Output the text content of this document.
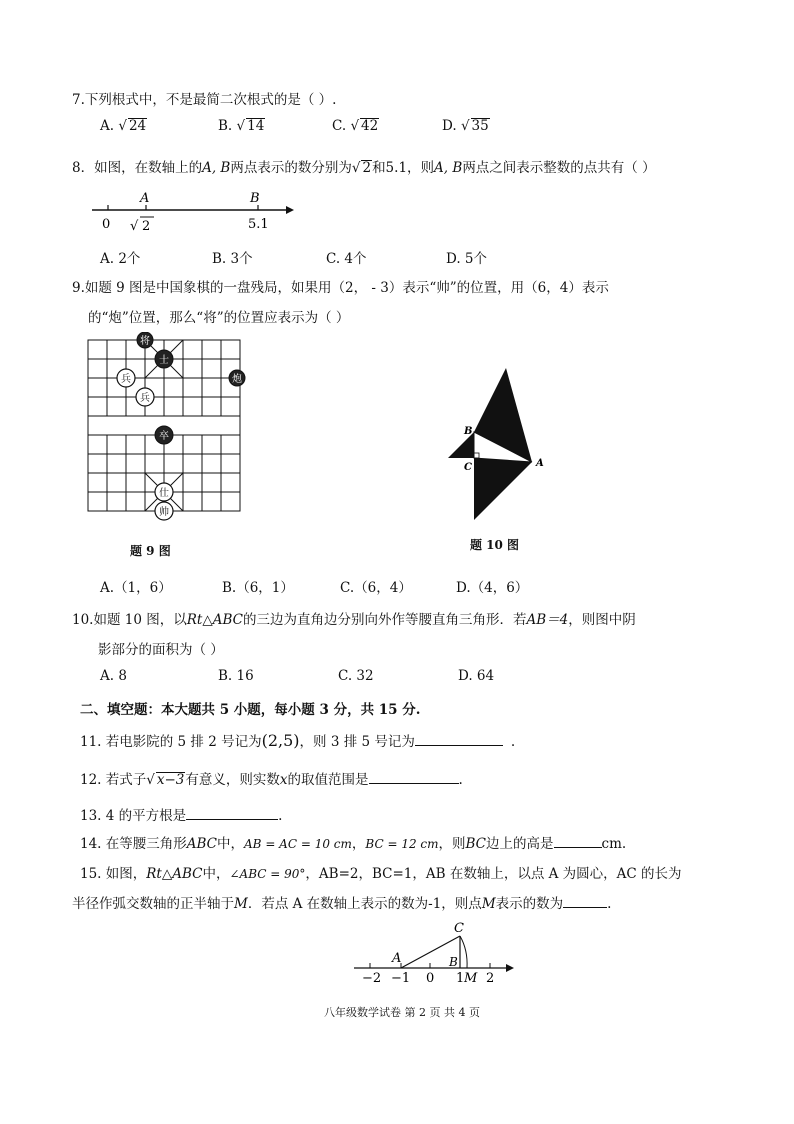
7.下列根式中，不是最简二次根式的是（ ）.
A. √ 24	B. √ 14	C. √ 42	D. √ 35
8．如图，在数轴上的A, B两点表示的数分别为√ 2和5.1，则A, B两点之间表示整数的点共有（ ）
0
A
√ 2
B
5.1
A. 2个	B. 3个	C. 4个	D. 5个
9.如题 9 图是中国象棋的一盘残局，如果用（2， - 3）表示“帅”的位置，用（6，4）表示
的“炮”位置，那么“将”的位置应表示为（ ）
将
士
炮
卒
兵
兵
仕
帅
题 9 图
B
C	A
题 10 图
A.（1，6）	B.（6，1）	C.（6，4）	D.（4，6）
10.如题 10 图，以Rt△ABC的三边为直角边分别向外作等腰直角三角形．若AB＝4，则图中阴
影部分的面积为（ ）
A. 8	B. 16	C. 32	D. 64
二、填空题：本大题共 5 小题，每小题 3 分，共 15 分.
11. 若电影院的 5 排 2 号记为(2,5)，则 3 排 5 号记为	.
12. 若式子√ x−3有意义，则实数x的取值范围是	.
13. 4 的平方根是	.
14. 在等腰三角形ABC中，AB = AC = 10 cm，BC = 12 cm，则BC边上的高是	cm.
15. 如图，Rt△ABC中，∠ABC = 90°，AB=2，BC=1，AB 在数轴上，以点 A 为圆心，AC 的长为
半径作弧交数轴的正半轴于M．若点 A 在数轴上表示的数为-1，则点M表示的数为	.
C
A	B
−2 −1 0 1 M 2
八年级数学试卷 第 2 页 共 4 页
